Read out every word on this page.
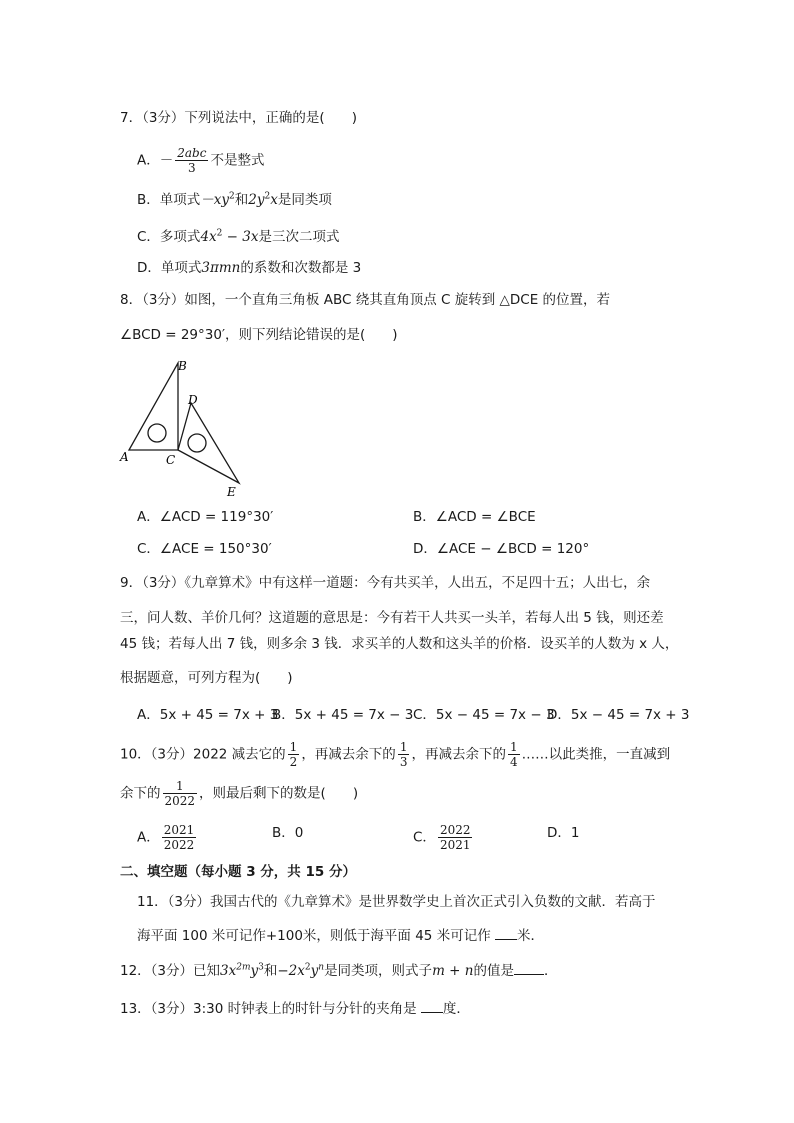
7．（3分）下列说法中，正确的是(　　)
A．－ $\frac{\text{2abc}}{3}$ 不是整式
B．单项式$-xy^2$和$2y^2x$是同类项
C．多项式$4x^2 - 3x$是三次二项式
D．单项式3πmn的系数和次数都是 3
8．（3分）如图，一个直角三角板 ABC 绕其直角顶点 C 旋转到 △DCE 的位置，若
∠BCD = 29°30′，则下列结论错误的是(　　)
B
D
A	C
E
A．∠ACD = 119°30′	B．∠ACD = ∠BCE
C．∠ACE = 150°30′	D．∠ACE − ∠BCD = 120°
9．（3分）《九章算术》中有这样一道题：今有共买羊，人出五，不足四十五；人出七，余
三，问人数、羊价几何？这道题的意思是：今有若干人共买一头羊，若每人出 5 钱，则还差
45 钱；若每人出 7 钱，则多余 3 钱．求买羊的人数和这头羊的价格．设买羊的人数为 x 人，
根据题意，可列方程为(　　)
A．5x + 45 = 7x + 3
B．5x + 45 = 7x − 3 C．5x − 45 = 7x − 3
D．5x − 45 = 7x + 3
10．（3分）2022 减去它的 $\frac{1}{2}$ ，再减去余下的 $\frac{1}{3}$ ，再减去余下的 $\frac{1}{4}$ ……以此类推，一直减到
余下的 $\frac{1}{2022}$ ，则最后剩下的数是(　　)
A． $\frac{2021}{2022}$	B．0	C． $\frac{2022}{2021}$	D．1
二、填空题（每小题 3 分，共 15 分）
11．（3分）我国古代的《九章算术》是世界数学史上首次正式引入负数的文献．若高于
海平面 100 米可记作+100米，则低于海平面 45 米可记作 米．
12．（3分）已知$3x^{2m}y^3$和$-2x^2y^n$是同类项，则式子m + n的值是 ．
13．（3分）3:30 时钟表上的时针与分针的夹角是 度．
